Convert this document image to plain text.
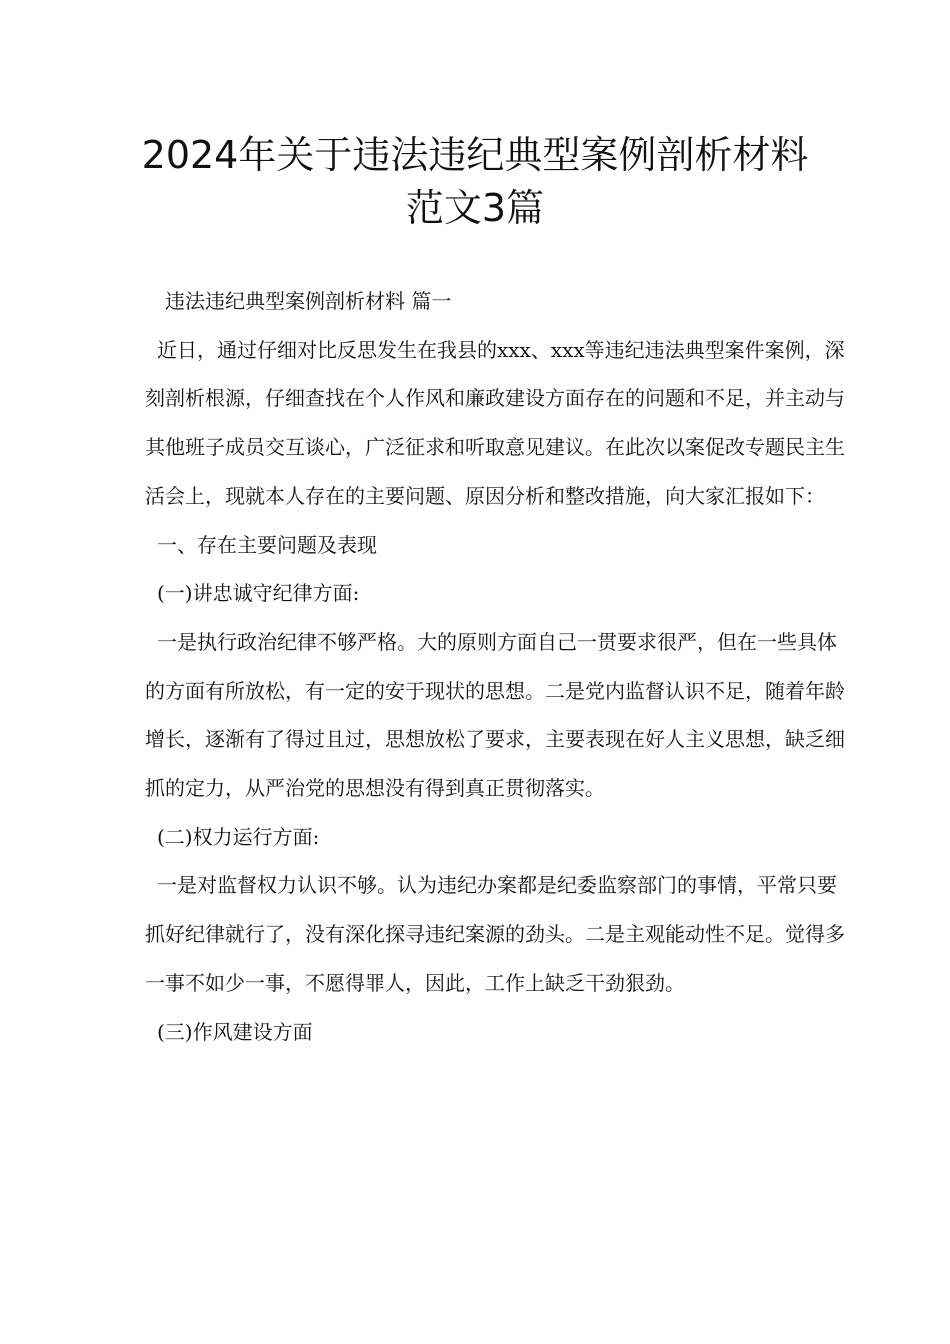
2024年关于违法违纪典型案例剖析材料
范文3篇

违法违纪典型案例剖析材料 篇一

近日，通过仔细对比反思发生在我县的xxx、xxx等违纪违法典型案件案例，深刻剖析根源，仔细查找在个人作风和廉政建设方面存在的问题和不足，并主动与其他班子成员交互谈心，广泛征求和听取意见建议。在此次以案促改专题民主生活会上，现就本人存在的主要问题、原因分析和整改措施，向大家汇报如下：

一、存在主要问题及表现

(一)讲忠诚守纪律方面:

一是执行政治纪律不够严格。大的原则方面自己一贯要求很严，但在一些具体的方面有所放松，有一定的安于现状的思想。二是党内监督认识不足，随着年龄增长，逐渐有了得过且过，思想放松了要求，主要表现在好人主义思想，缺乏细抓的定力，从严治党的思想没有得到真正贯彻落实。

(二)权力运行方面:

一是对监督权力认识不够。认为违纪办案都是纪委监察部门的事情，平常只要抓好纪律就行了，没有深化探寻违纪案源的劲头。二是主观能动性不足。觉得多一事不如少一事，不愿得罪人，因此，工作上缺乏干劲狠劲。

(三)作风建设方面
